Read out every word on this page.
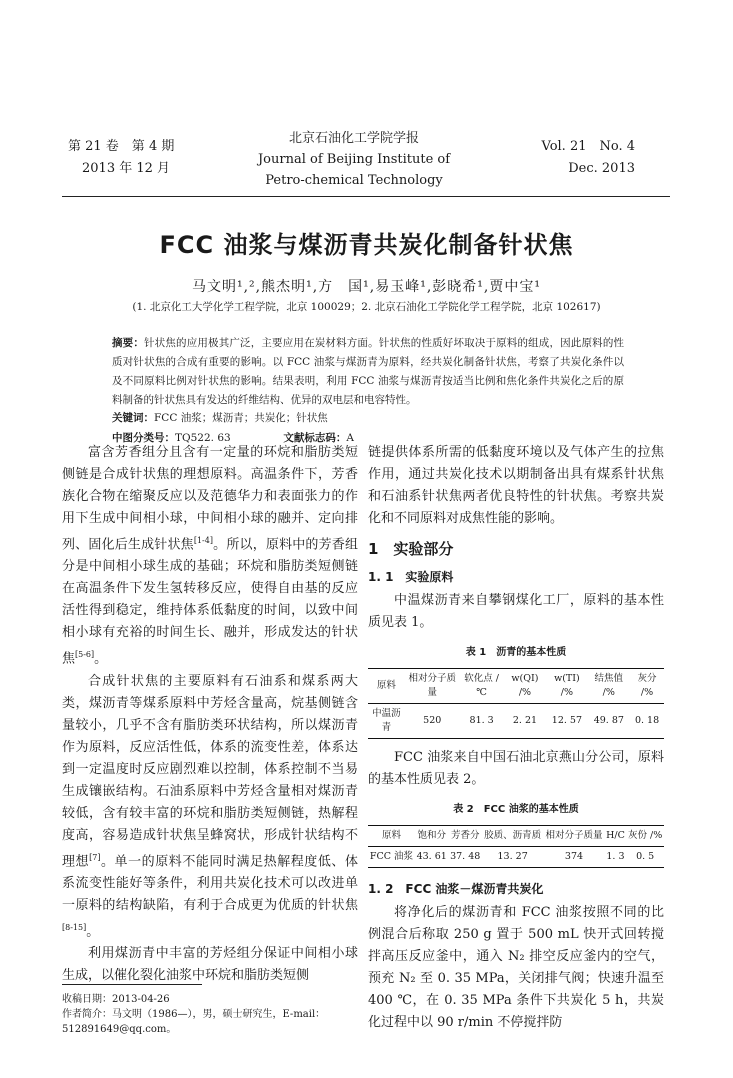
第 21 卷　第 4 期
2013 年 12 月
北京石油化工学院学报
Journal of Beijing Institute of
Petro-chemical Technology
Vol. 21　No. 4
Dec. 2013
FCC 油浆与煤沥青共炭化制备针状焦
马文明¹,²,熊杰明¹,方　国¹,易玉峰¹,彭晓希¹,贾中宝¹
(1. 北京化工大学化学工程学院，北京 100029；2. 北京石油化工学院化学工程学院，北京 102617)
摘要：针状焦的应用极其广泛，主要应用在炭材料方面。针状焦的性质好坏取决于原料的组成，因此原料的性质对针状焦的合成有重要的影响。以 FCC 油浆与煤沥青为原料，经共炭化制备针状焦，考察了共炭化条件以及不同原料比例对针状焦的影响。结果表明，利用 FCC 油浆与煤沥青按适当比例和焦化条件共炭化之后的原料制备的针状焦具有发达的纤维结构、优异的双电层和电容特性。
关键词：FCC 油浆；煤沥青；共炭化；针状焦
中图分类号：TQ522. 63	文献标志码：A

富含芳香组分且含有一定量的环烷和脂肪类短侧链是合成针状焦的理想原料。高温条件下，芳香族化合物在缩聚反应以及范德华力和表面张力的作用下生成中间相小球，中间相小球的融并、定向排列、固化后生成针状焦[1-4]。所以，原料中的芳香组分是中间相小球生成的基础；环烷和脂肪类短侧链在高温条件下发生氢转移反应，使得自由基的反应活性得到稳定，维持体系低黏度的时间，以致中间相小球有充裕的时间生长、融并，形成发达的针状焦[5-6]。

合成针状焦的主要原料有石油系和煤系两大类，煤沥青等煤系原料中芳烃含量高，烷基侧链含量较小，几乎不含有脂肪类环状结构，所以煤沥青作为原料，反应活性低，体系的流变性差，体系达到一定温度时反应剧烈难以控制，体系控制不当易生成镶嵌结构。石油系原料中芳烃含量相对煤沥青较低，含有较丰富的环烷和脂肪类短侧链，热解程度高，容易造成针状焦呈蜂窝状，形成针状结构不理想[7]。单一的原料不能同时满足热解程度低、体系流变性能好等条件，利用共炭化技术可以改进单一原料的结构缺陷，有利于合成更为优质的针状焦[8-15]。

利用煤沥青中丰富的芳烃组分保证中间相小球生成，以催化裂化油浆中环烷和脂肪类短侧

收稿日期：2013-04-26
作者简介：马文明（1986—），男，硕士研究生，E-mail：512891649@qq.com。

链提供体系所需的低黏度环境以及气体产生的拉焦作用，通过共炭化技术以期制备出具有煤系针状焦和石油系针状焦两者优良特性的针状焦。考察共炭化和不同原料对成焦性能的影响。

1　实验部分
1. 1　实验原料

中温煤沥青来自攀钢煤化工厂，原料的基本性质见表 1。

表 1　沥青的基本性质
原料	相对分子质量	软化点 /℃	w(QI) /%	w(TI) /%	结焦值 /%	灰分 /%
中温沥青	520	81. 3	2. 21	12. 57	49. 87	0. 18

FCC 油浆来自中国石油北京燕山分公司，原料的基本性质见表 2。

表 2　FCC 油浆的基本性质
原料	饱和分	芳香分	胶质、沥青质	相对分子质量	H/C	灰份 /%
FCC 油浆	43. 61	37. 48	13. 27	374	1. 3	0. 5
1. 2　FCC 油浆－煤沥青共炭化

将净化后的煤沥青和 FCC 油浆按照不同的比例混合后称取 250 g 置于 500 mL 快开式回转搅拌高压反应釜中，通入 N₂ 排空反应釜内的空气，预充 N₂ 至 0. 35 MPa，关闭排气阀；快速升温至 400 ℃，在 0. 35 MPa 条件下共炭化 5 h，共炭化过程中以 90 r/min 不停搅拌防
